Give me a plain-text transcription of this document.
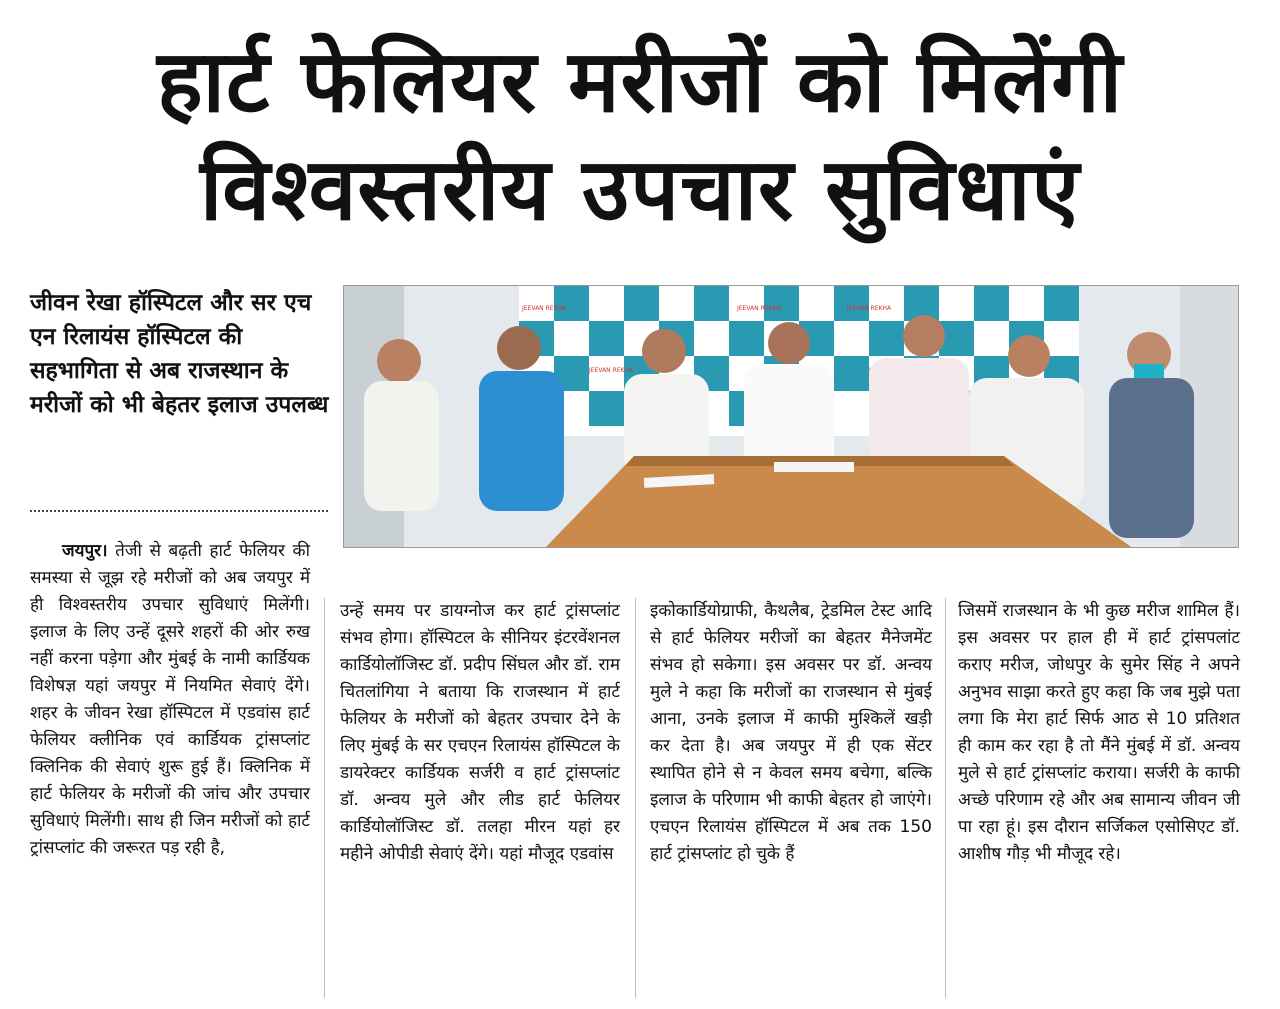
हार्ट फेलियर मरीजों को मिलेंगी
विश्वस्तरीय उपचार सुविधाएं
जीवन रेखा हॉस्पिटल और सर एच एन रिलायंस हॉस्पिटल की सहभागिता से अब राजस्थान के मरीजों को भी बेहतर इलाज उपलब्ध
JEEVAN REKHA	JEEVAN REKHA	JEEVAN REKHA
JEEVAN REKHA
जयपुर। तेजी से बढ़ती हार्ट फेलियर की समस्या से जूझ रहे मरीजों को अब जयपुर में ही विश्वस्तरीय उपचार सुविधाएं मिलेंगी। इलाज के लिए उन्हें दूसरे शहरों की ओर रुख नहीं करना पड़ेगा और मुंबई के नामी कार्डियक विशेषज्ञ यहां जयपुर में नियमित सेवाएं देंगे। शहर के जीवन रेखा हॉस्पिटल में एडवांस हार्ट फेलियर क्लीनिक एवं कार्डियक ट्रांसप्लांट क्लिनिक की सेवाएं शुरू हुई हैं। क्लिनिक में हार्ट फेलियर के मरीजों की जांच और उपचार सुविधाएं मिलेंगी। साथ ही जिन मरीजों को हार्ट ट्रांसप्लांट की जरूरत पड़ रही है,
उन्हें समय पर डायग्नोज कर हार्ट ट्रांसप्लांट संभव होगा। हॉस्पिटल के सीनियर इंटरवेंशनल कार्डियोलॉजिस्ट डॉ. प्रदीप सिंघल और डॉ. राम चितलांगिया ने बताया कि राजस्थान में हार्ट फेलियर के मरीजों को बेहतर उपचार देने के लिए मुंबई के सर एचएन रिलायंस हॉस्पिटल के डायरेक्टर कार्डियक सर्जरी व हार्ट ट्रांसप्लांट डॉ. अन्वय मुले और लीड हार्ट फेलियर कार्डियोलॉजिस्ट डॉ. तलहा मीरन यहां हर महीने ओपीडी सेवाएं देंगे। यहां मौजूद एडवांस
इकोकार्डियोग्राफी, कैथलैब, ट्रेडमिल टेस्ट आदि से हार्ट फेलियर मरीजों का बेहतर मैनेजमेंट संभव हो सकेगा। इस अवसर पर डॉ. अन्वय मुले ने कहा कि मरीजों का राजस्थान से मुंबई आना, उनके इलाज में काफी मुश्किलें खड़ी कर देता है। अब जयपुर में ही एक सेंटर स्थापित होने से न केवल समय बचेगा, बल्कि इलाज के परिणाम भी काफी बेहतर हो जाएंगे। एचएन रिलायंस हॉस्पिटल में अब तक 150 हार्ट ट्रांसप्लांट हो चुके हैं
जिसमें राजस्थान के भी कुछ मरीज शामिल हैं। इस अवसर पर हाल ही में हार्ट ट्रांसपलांट कराए मरीज, जोधपुर के सुमेर सिंह ने अपने अनुभव साझा करते हुए कहा कि जब मुझे पता लगा कि मेरा हार्ट सिर्फ आठ से 10 प्रतिशत ही काम कर रहा है तो मैंने मुंबई में डॉ. अन्वय मुले से हार्ट ट्रांसप्लांट कराया। सर्जरी के काफी अच्छे परिणाम रहे और अब सामान्य जीवन जी पा रहा हूं। इस दौरान सर्जिकल एसोसिएट डॉ. आशीष गौड़ भी मौजूद रहे।
